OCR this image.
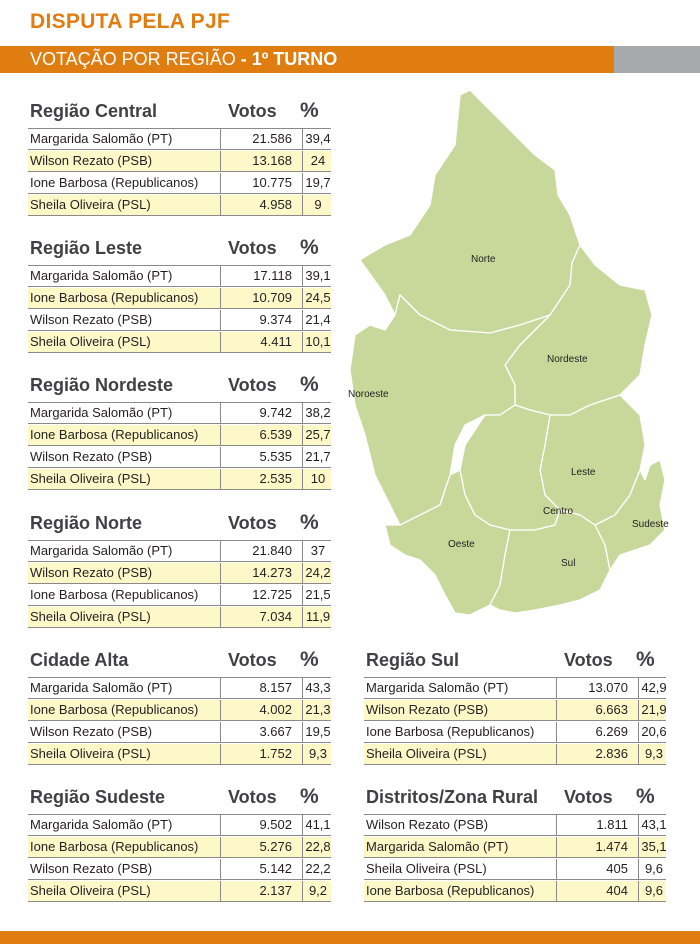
DISPUTA PELA PJF
VOTAÇÃO POR REGIÃO - 1º TURNO
Região Central	Votos %
Margarida Salomão (PT)	21.586	39,4
Wilson Rezato (PSB)	13.168	24
Ione Barbosa (Republicanos)	10.775	19,7
Sheila Oliveira (PSL)	4.958	9
Região Leste	Votos %
Margarida Salomão (PT)	17.118	39,1
Ione Barbosa (Republicanos)	10.709	24,5
Wilson Rezato (PSB)	9.374	21,4
Sheila Oliveira (PSL)	4.411	10,1
Região Nordeste	Votos %
Margarida Salomão (PT)	9.742	38,2
Ione Barbosa (Republicanos)	6.539	25,7
Wilson Rezato (PSB)	5.535	21,7
Sheila Oliveira (PSL)	2.535	10
Região Norte	Votos %
Margarida Salomão (PT)	21.840	37
Wilson Rezato (PSB)	14.273	24,2
Ione Barbosa (Republicanos)	12.725	21,5
Sheila Oliveira (PSL)	7.034	11,9
Cidade Alta	Votos %
Margarida Salomão (PT)	8.157	43,3
Ione Barbosa (Republicanos)	4.002	21,3
Wilson Rezato (PSB)	3.667	19,5
Sheila Oliveira (PSL)	1.752	9,3
Região Sudeste	Votos %
Margarida Salomão (PT)	9.502	41,1
Ione Barbosa (Republicanos)	5.276	22,8
Wilson Rezato (PSB)	5.142	22,2
Sheila Oliveira (PSL)	2.137	9,2
Região Sul	Votos %
Margarida Salomão (PT)	13.070	42,9
Wilson Rezato (PSB)	6.663	21,9
Ione Barbosa (Republicanos)	6.269	20,6
Sheila Oliveira (PSL)	2.836	9,3
Distritos/Zona Rural Votos %
Wilson Rezato (PSB)	1.811	43,1
Margarida Salomão (PT)	1.474	35,1
Sheila Oliveira (PSL)	405	9,6
Ione Barbosa (Republicanos)	404	9,6
Norte
Nordeste
Noroeste
Leste
Centro
Oeste
Sudeste
Sul
